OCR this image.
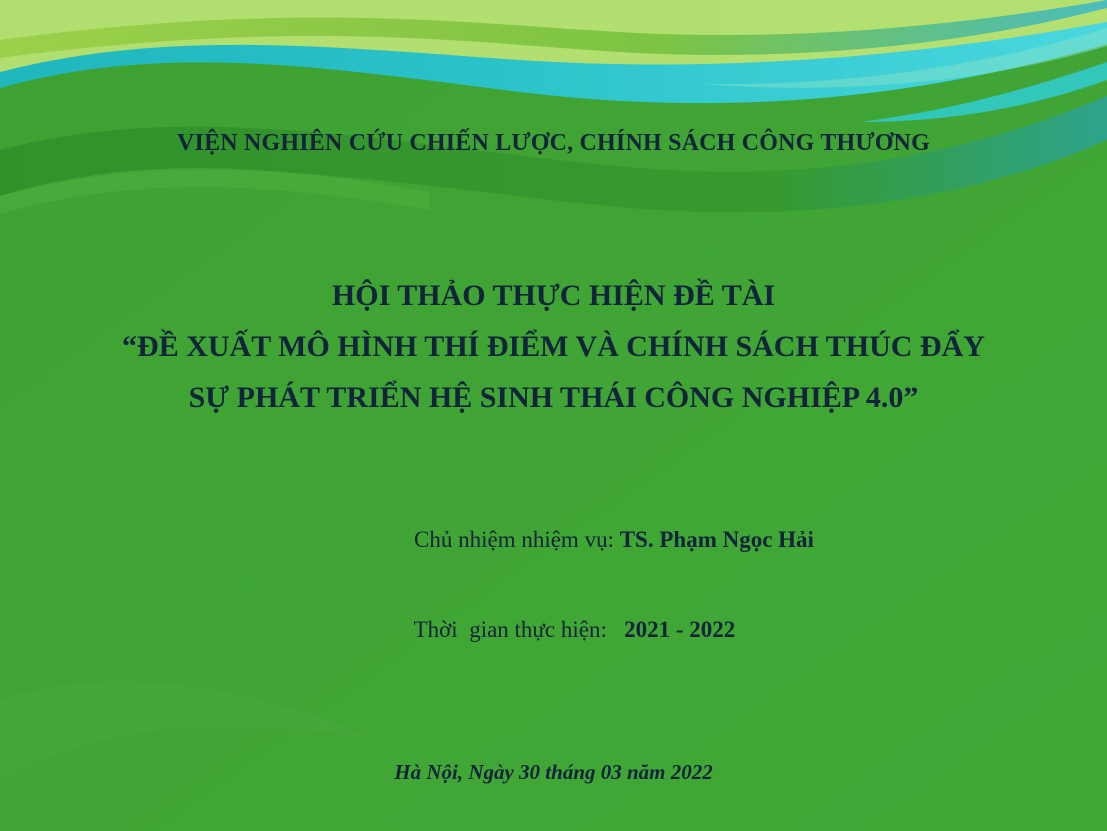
VIỆN NGHIÊN CỨU CHIẾN LƯỢC, CHÍNH SÁCH CÔNG THƯƠNG
HỘI THẢO THỰC HIỆN ĐỀ TÀI
“ĐỀ XUẤT MÔ HÌNH THÍ ĐIỂM VÀ CHÍNH SÁCH THÚC ĐẨY
SỰ PHÁT TRIỂN HỆ SINH THÁI CÔNG NGHIỆP 4.0”

Chủ nhiệm nhiệm vụ: TS. Phạm Ngọc Hải

Thời  gian thực hiện:   2021 - 2022

Hà Nội, Ngày 30 tháng 03 năm 2022
